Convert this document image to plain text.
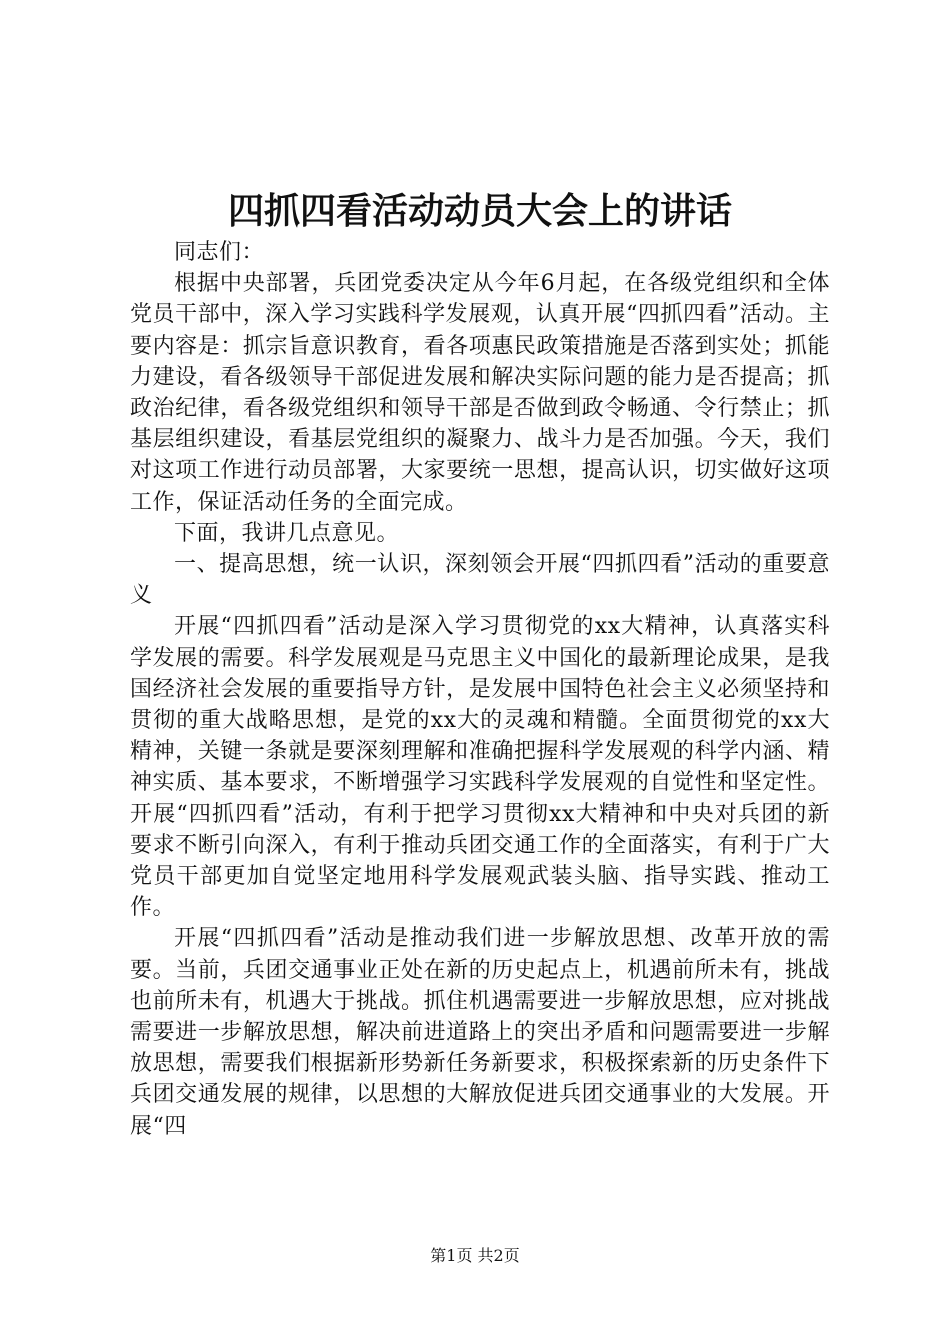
四抓四看活动动员大会上的讲话

同志们：

根据中央部署，兵团党委决定从今年6月起，在各级党组织和全体党员干部中，深入学习实践科学发展观，认真开展“四抓四看”活动。主要内容是：抓宗旨意识教育，看各项惠民政策措施是否落到实处；抓能力建设，看各级领导干部促进发展和解决实际问题的能力是否提高；抓政治纪律，看各级党组织和领导干部是否做到政令畅通、令行禁止；抓基层组织建设，看基层党组织的凝聚力、战斗力是否加强。今天，我们对这项工作进行动员部署，大家要统一思想，提高认识，切实做好这项工作，保证活动任务的全面完成。

下面，我讲几点意见。

一、提高思想，统一认识，深刻领会开展“四抓四看”活动的重要意义

开展“四抓四看”活动是深入学习贯彻党的xx大精神，认真落实科学发展的需要。科学发展观是马克思主义中国化的最新理论成果，是我国经济社会发展的重要指导方针，是发展中国特色社会主义必须坚持和贯彻的重大战略思想，是党的xx大的灵魂和精髓。全面贯彻党的xx大精神，关键一条就是要深刻理解和准确把握科学发展观的科学内涵、精神实质、基本要求，不断增强学习实践科学发展观的自觉性和坚定性。开展“四抓四看”活动，有利于把学习贯彻xx大精神和中央对兵团的新要求不断引向深入，有利于推动兵团交通工作的全面落实，有利于广大党员干部更加自觉坚定地用科学发展观武装头脑、指导实践、推动工作。

开展“四抓四看”活动是推动我们进一步解放思想、改革开放的需要。当前，兵团交通事业正处在新的历史起点上，机遇前所未有，挑战也前所未有，机遇大于挑战。抓住机遇需要进一步解放思想，应对挑战需要进一步解放思想，解决前进道路上的突出矛盾和问题需要进一步解放思想，需要我们根据新形势新任务新要求，积极探索新的历史条件下兵团交通发展的规律，以思想的大解放促进兵团交通事业的大发展。开展“四

第1页 共2页
